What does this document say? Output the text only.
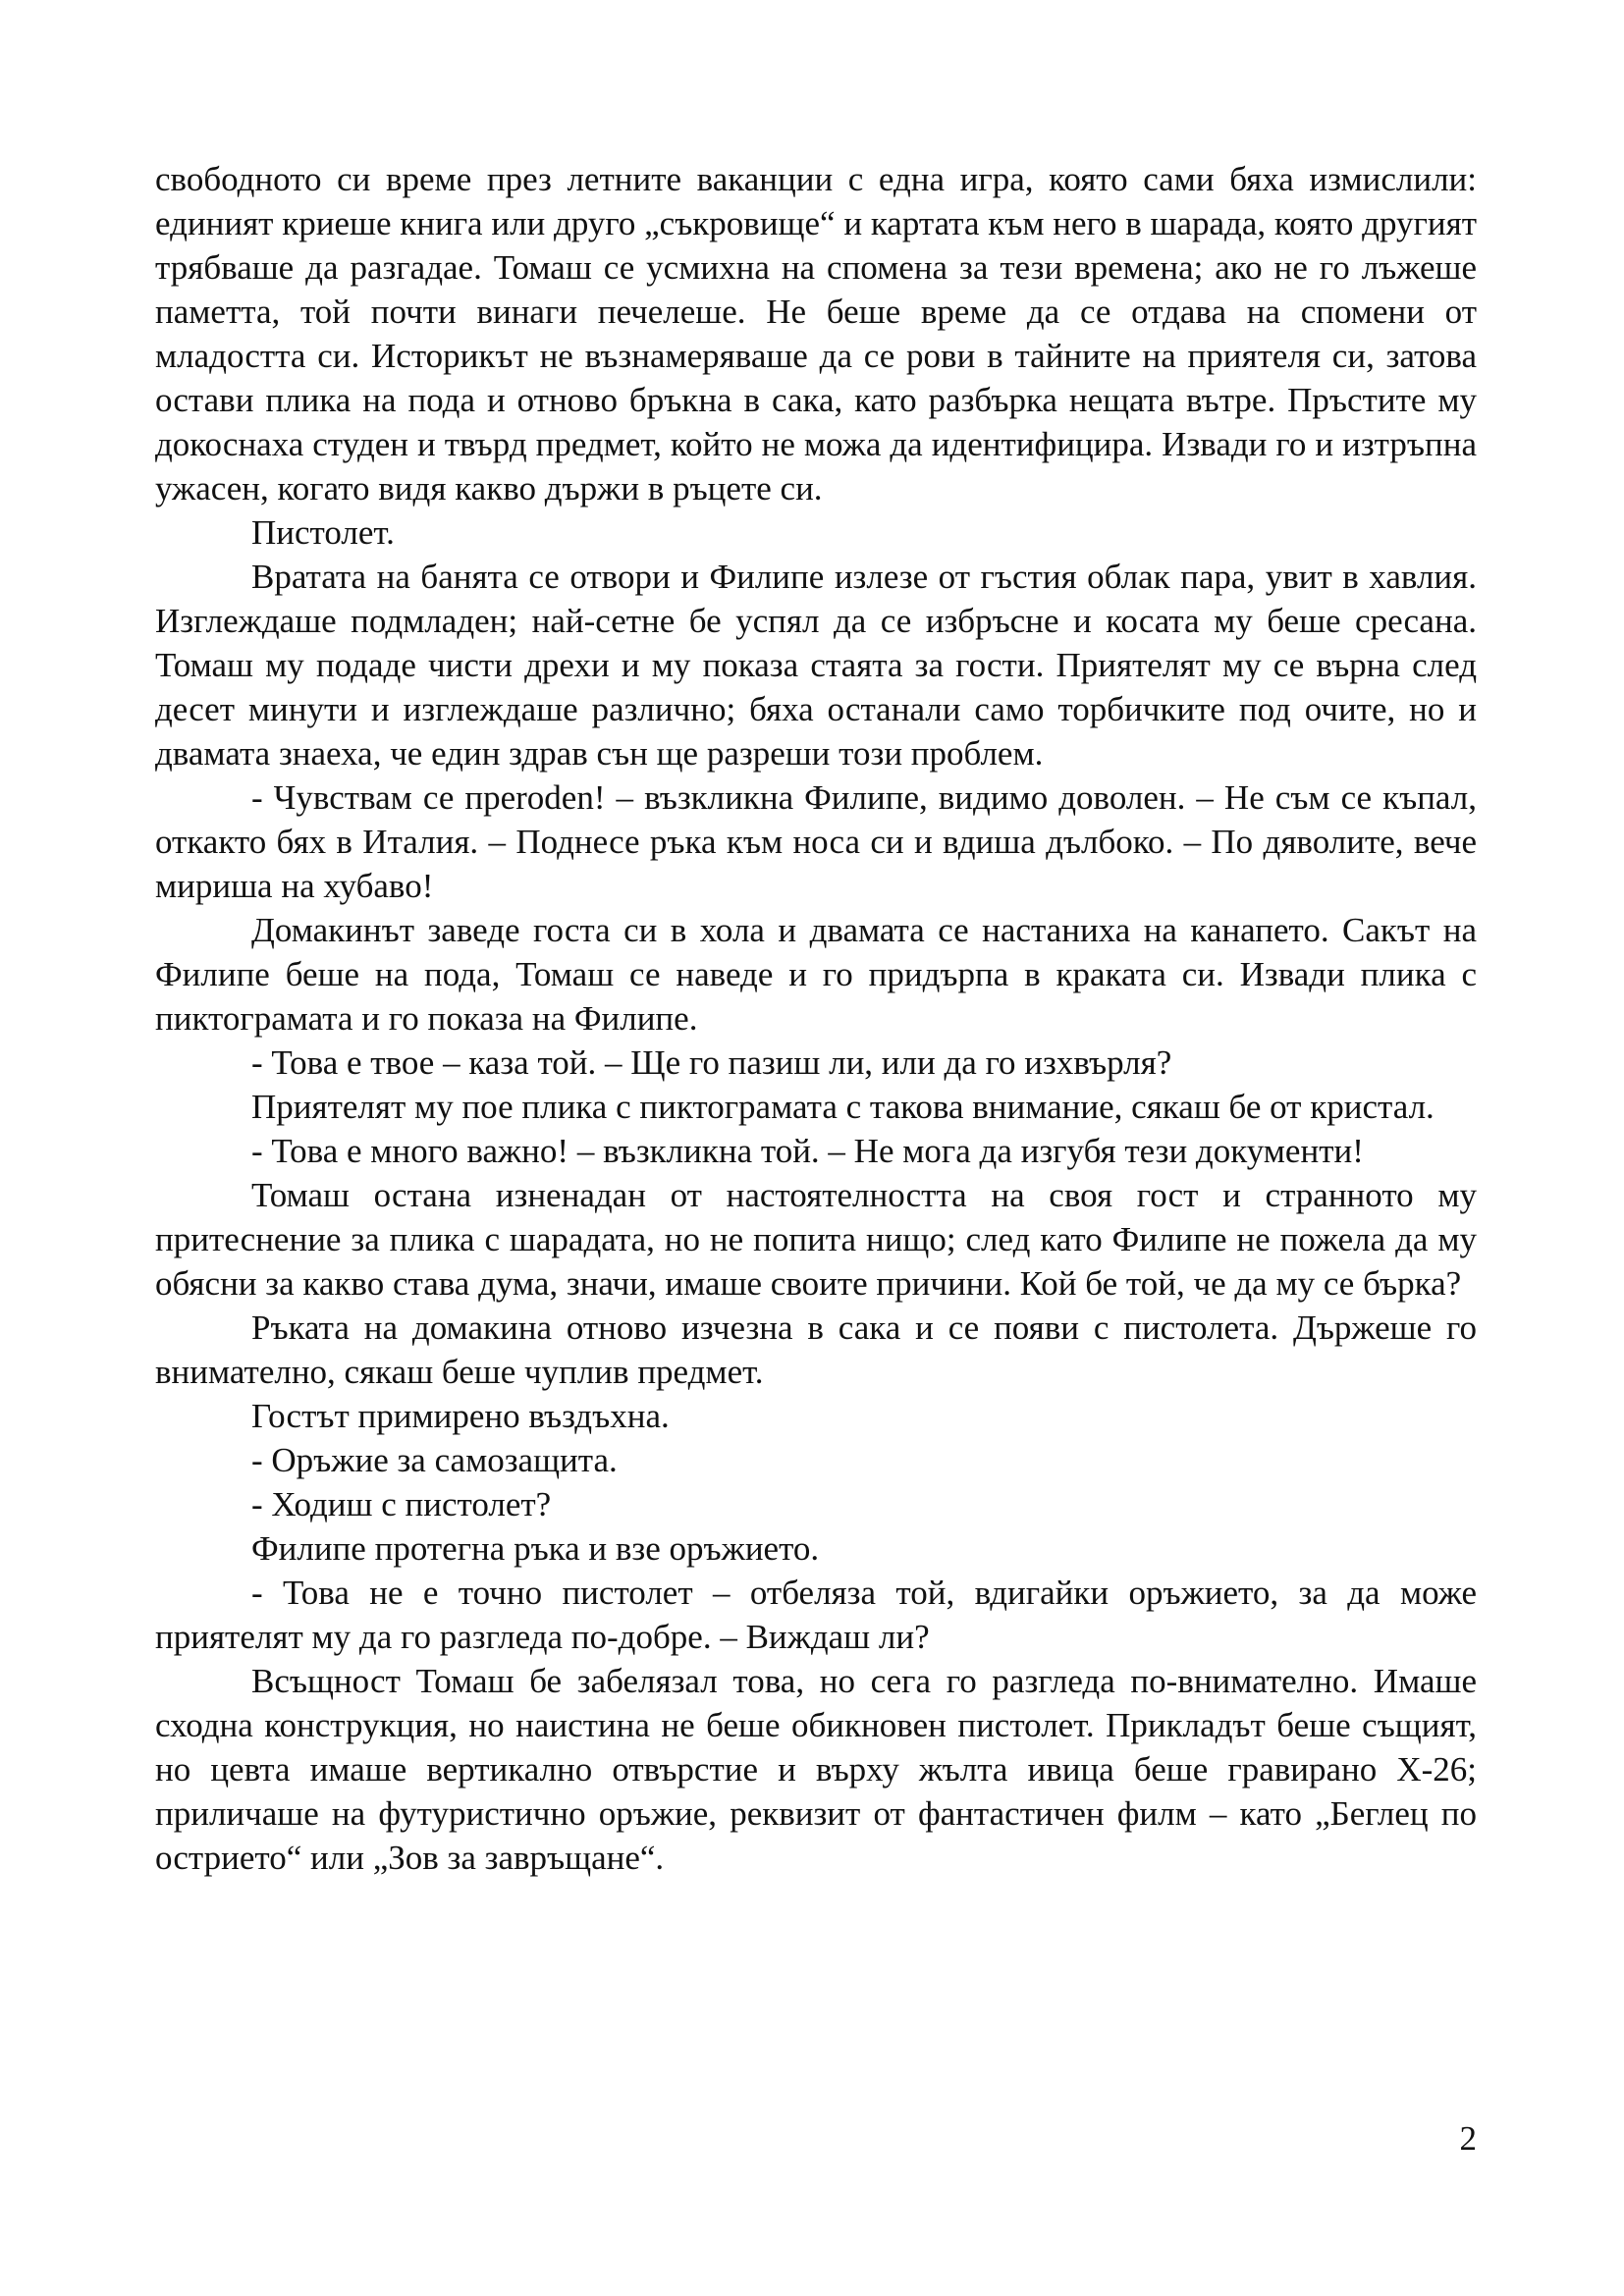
свободното си време през летните ваканции с една игра, която сами бяха измислили: единият криеше книга или друго „съкровище“ и картата към него в шарада, която другият трябваше да разгадае. Томаш се усмихна на спомена за тези времена; ако не го лъжеше паметта, той почти винаги печелеше. Не беше време да се отдава на спомени от младостта си. Историкът не възнамеряваше да се рови в тайните на приятеля си, затова остави плика на пода и отново бръкна в сака, като разбърка нещата вътре. Пръстите му докоснаха студен и твърд предмет, който не можа да идентифицира. Извади го и изтръпна ужасен, когато видя какво държи в ръцете си.

Пистолет.

Вратата на банята се отвори и Филипе излезе от гъстия облак пара, увит в хавлия. Изглеждаше подмладен; най-сетне бе успял да се избръсне и косата му беше сресана. Томаш му подаде чисти дрехи и му показа стаята за гости. Приятелят му се върна след десет минути и изглеждаше различно; бяха останали само торбичките под очите, но и двамата знаеха, че един здрав сън ще разреши този проблем.

- Чувствам се преroden! – възкликна Филипе, видимо доволен. – Не съм се къпал, откакто бях в Италия. – Поднесе ръка към носа си и вдиша дълбоко. – По дяволите, вече мириша на хубаво!

Домакинът заведе госта си в хола и двамата се настаниха на канапето. Сакът на Филипе беше на пода, Томаш се наведе и го придърпа в краката си. Извади плика с пиктограмата и го показа на Филипе.

- Това е твое – каза той. – Ще го пазиш ли, или да го изхвърля?

Приятелят му пое плика с пиктограмата с такова внимание, сякаш бе от кристал.

- Това е много важно! – възкликна той. – Не мога да изгубя тези документи!

Томаш остана изненадан от настоятелността на своя гост и странното му притеснение за плика с шарадата, но не попита нищо; след като Филипе не пожела да му обясни за какво става дума, значи, имаше своите причини. Кой бе той, че да му се бърка?

Ръката на домакина отново изчезна в сака и се появи с пистолета. Държеше го внимателно, сякаш беше чуплив предмет.

Гостът примирено въздъхна.

- Оръжие за самозащита.

- Ходиш с пистолет?

Филипе протегна ръка и взе оръжието.

- Това не е точно пистолет – отбеляза той, вдигайки оръжието, за да може приятелят му да го разгледа по-добре. – Виждаш ли?

Всъщност Томаш бе забелязал това, но сега го разгледа по-внимателно. Имаше сходна конструкция, но наистина не беше обикновен пистолет. Прикладът беше същият, но цевта имаше вертикално отвърстие и върху жълта ивица беше гравирано Х-26; приличаше на футуристично оръжие, реквизит от фантастичен филм – като „Беглец по острието“ или „Зов за завръщане“.

2
